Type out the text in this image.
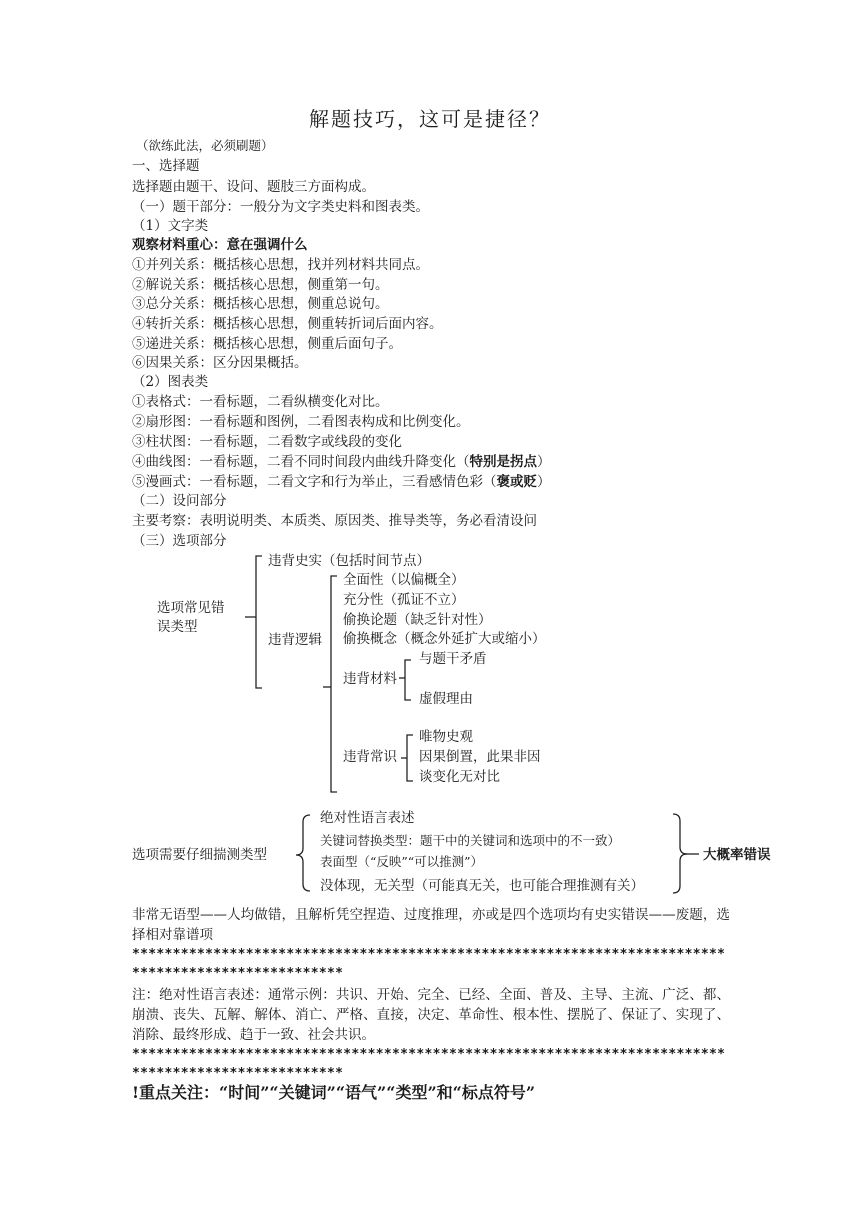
解题技巧，这可是捷径？
（欲练此法，必须刷题）
一、选择题
选择题由题干、设问、题肢三方面构成。
（一）题干部分：一般分为文字类史料和图表类。
（1）文字类
观察材料重心：意在强调什么
①并列关系：概括核心思想，找并列材料共同点。
②解说关系：概括核心思想，侧重第一句。
③总分关系：概括核心思想，侧重总说句。
④转折关系：概括核心思想，侧重转折词后面内容。
⑤递进关系：概括核心思想，侧重后面句子。
⑥因果关系：区分因果概括。
（2）图表类
①表格式：一看标题，二看纵横变化对比。
②扇形图：一看标题和图例，二看图表构成和比例变化。
③柱状图：一看标题，二看数字或线段的变化
④曲线图：一看标题，二看不同时间段内曲线升降变化（特别是拐点）
⑤漫画式：一看标题，二看文字和行为举止，三看感情色彩（褒或贬）
（二）设问部分
主要考察：表明说明类、本质类、原因类、推导类等，务必看清设问
（三）选项部分
选项常见错
误类型
违背史实（包括时间节点）
违背逻辑
全面性（以偏概全）
充分性（孤证不立）
偷换论题（缺乏针对性）
偷换概念（概念外延扩大或缩小）
违背材料
与题干矛盾
虚假理由
违背常识
唯物史观
因果倒置，此果非因
谈变化无对比
选项需要仔细揣测类型
绝对性语言表述
关键词替换类型：题干中的关键词和选项中的不一致）
表面型（“反映”“可以推测”）
没体现，无关型（可能真无关，也可能合理推测有关）
大概率错误
非常无语型——人均做错，且解析凭空捏造、过度推理，亦或是四个选项均有史实错误——废题，选择相对靠谱项
***************************************************************************************************
注：绝对性语言表述：通常示例：共识、开始、完全、已经、全面、普及、主导、主流、广泛、都、崩溃、丧失、瓦解、解体、消亡、严格、直接，决定、革命性、根本性、摆脱了、保证了、实现了、消除、最终形成、趋于一致、社会共识。
***************************************************************************************************
!重点关注：“时间”“关键词”“语气”“类型”和“标点符号”
